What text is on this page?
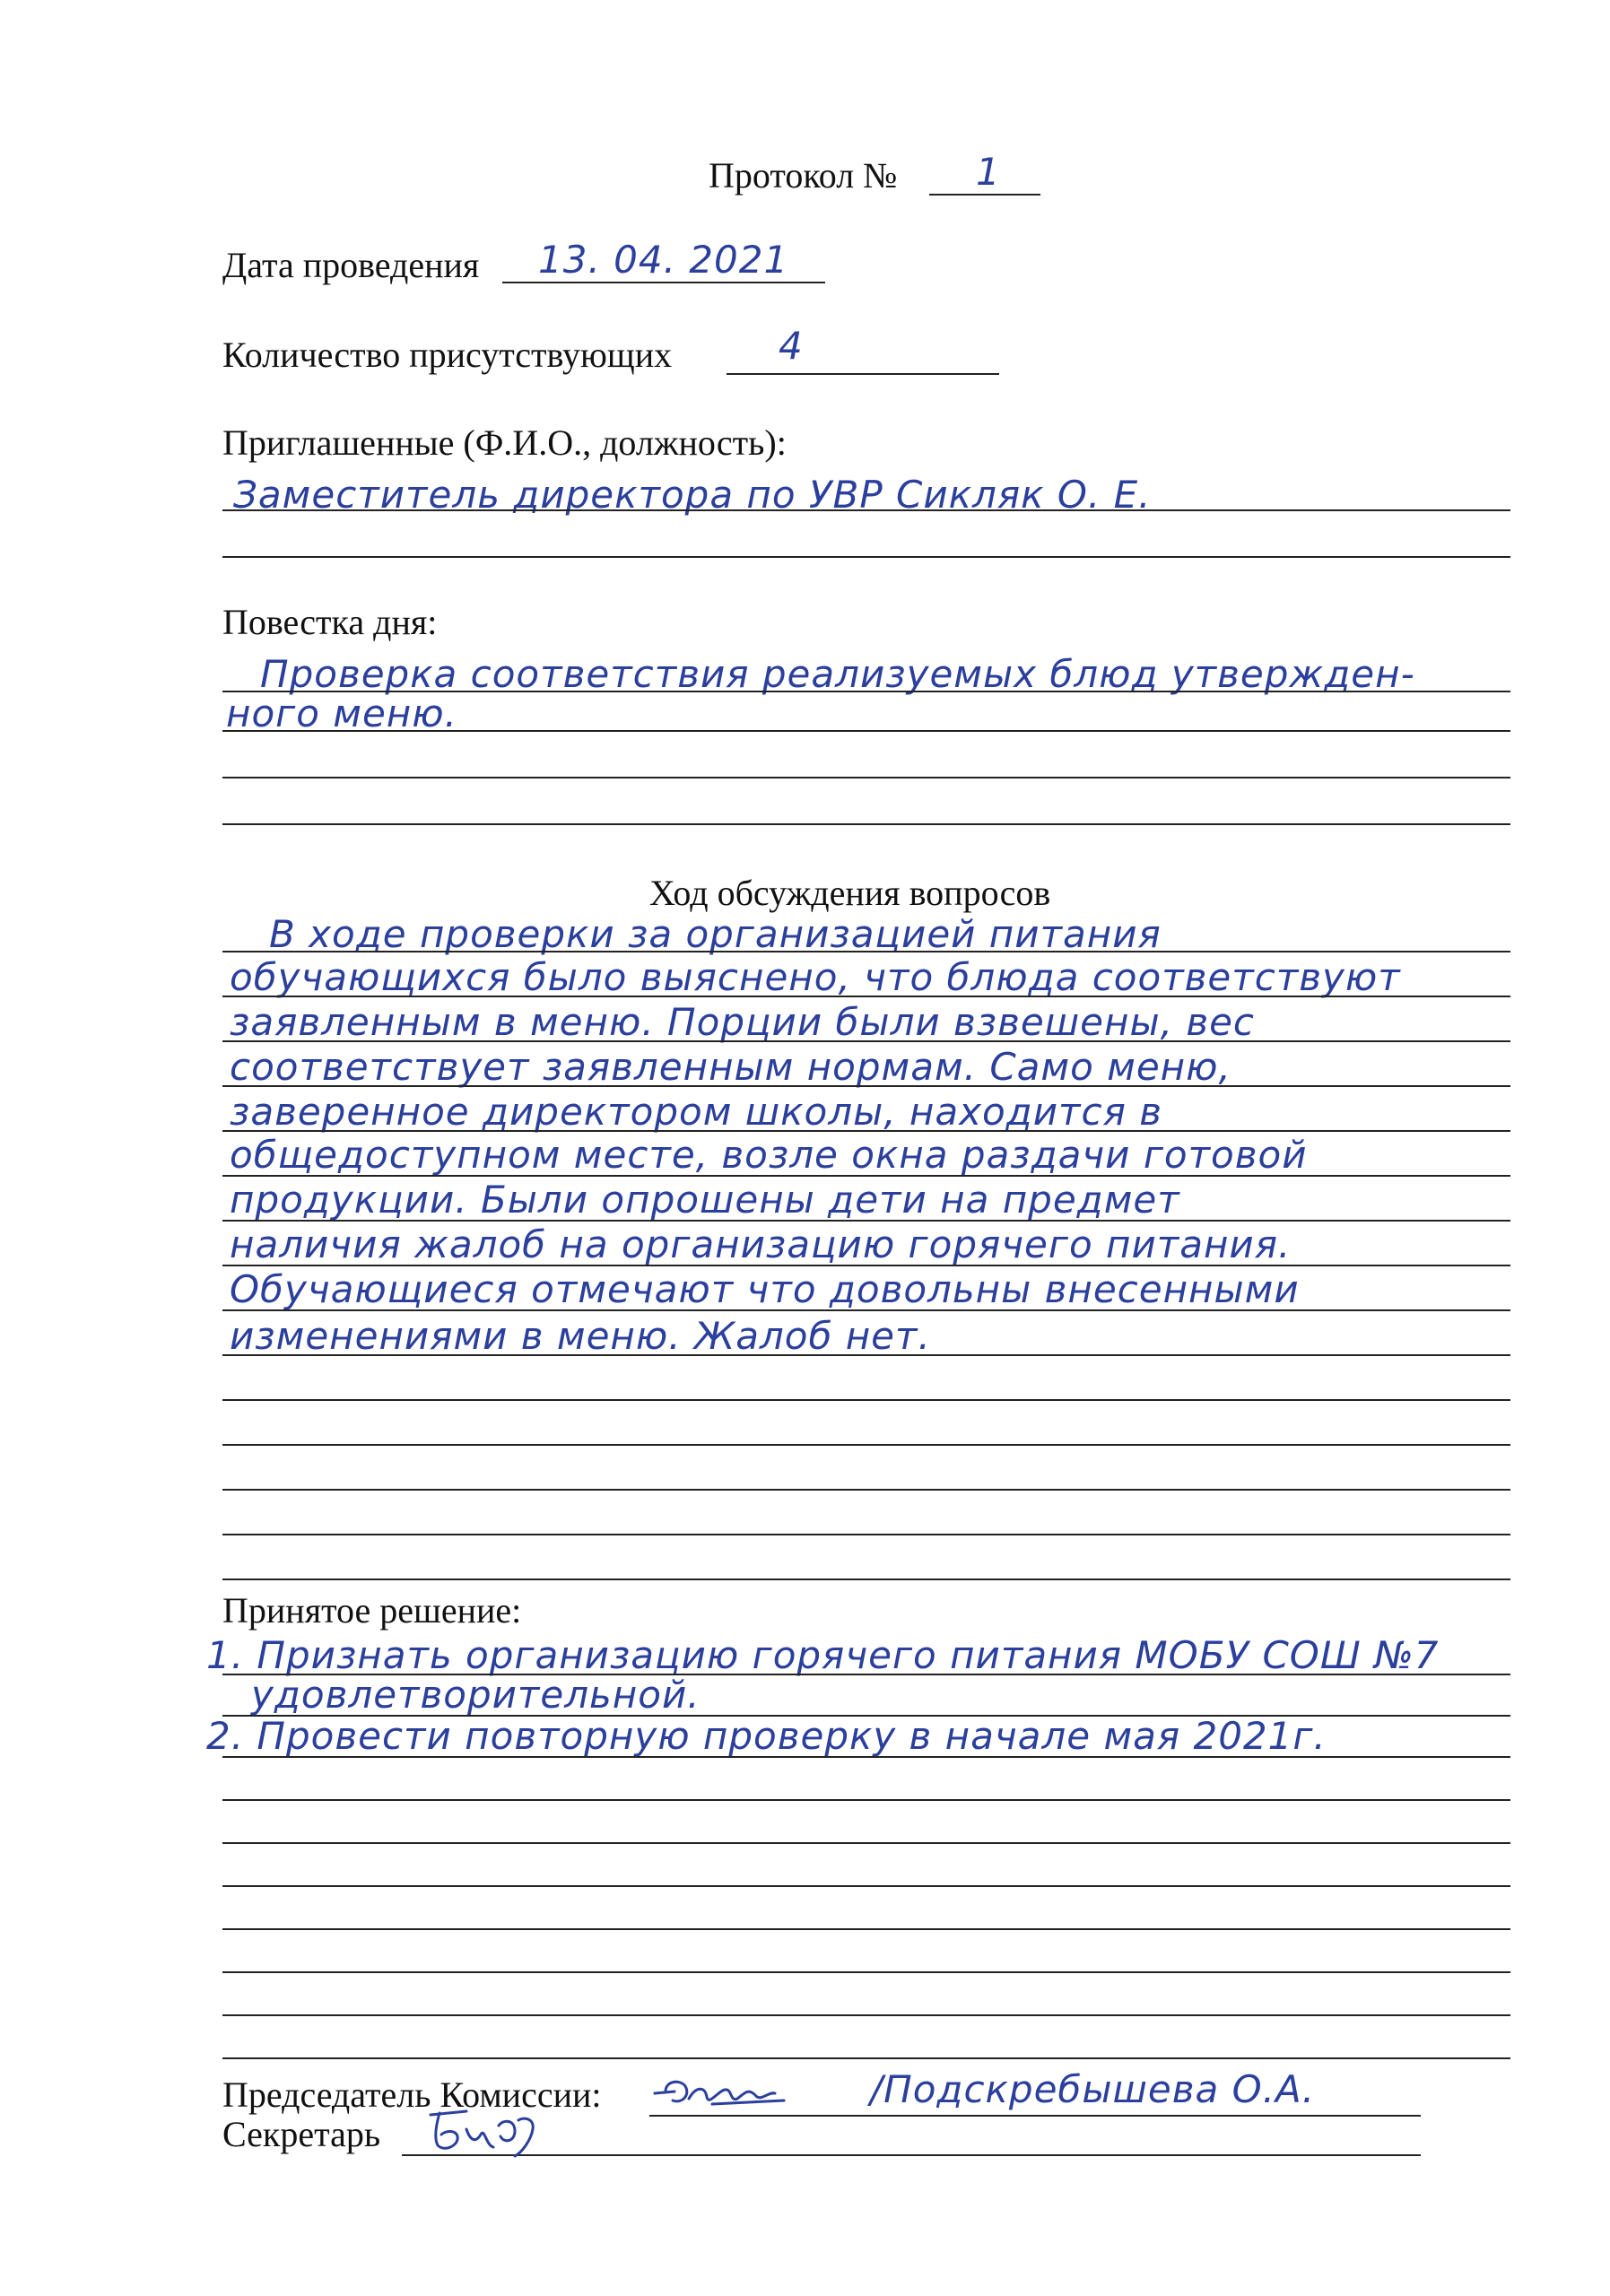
Протокол № 1
Дата проведения 13. 04. 2021
Количество присутствующих	4
Приглашенные (Ф.И.О., должность):
Заместитель директора по УВР Сикляк О. Е.
Повестка дня:
Проверка соответствия реализуемых блюд утвержден-
ного меню.
Ход обсуждения вопросов
В ходе проверки за организацией питания
обучающихся было выяснено, что блюда соответствуют
заявленным в меню. Порции были взвешены, вес
соответствует заявленным нормам. Само меню,
заверенное директором школы, находится в
общедоступном месте, возле окна раздачи готовой
продукции. Были опрошены дети на предмет
наличия жалоб на организацию горячего питания.
Обучающиеся отмечают что довольны внесенными
изменениями в меню. Жалоб нет.
Принятое решение:
1. Признать организацию горячего питания МОБУ СОШ №7
удовлетворительной.
2. Провести повторную проверку в начале мая 2021г.
Председатель Комиссии:	/Подскребышева О.А.
Секретарь
